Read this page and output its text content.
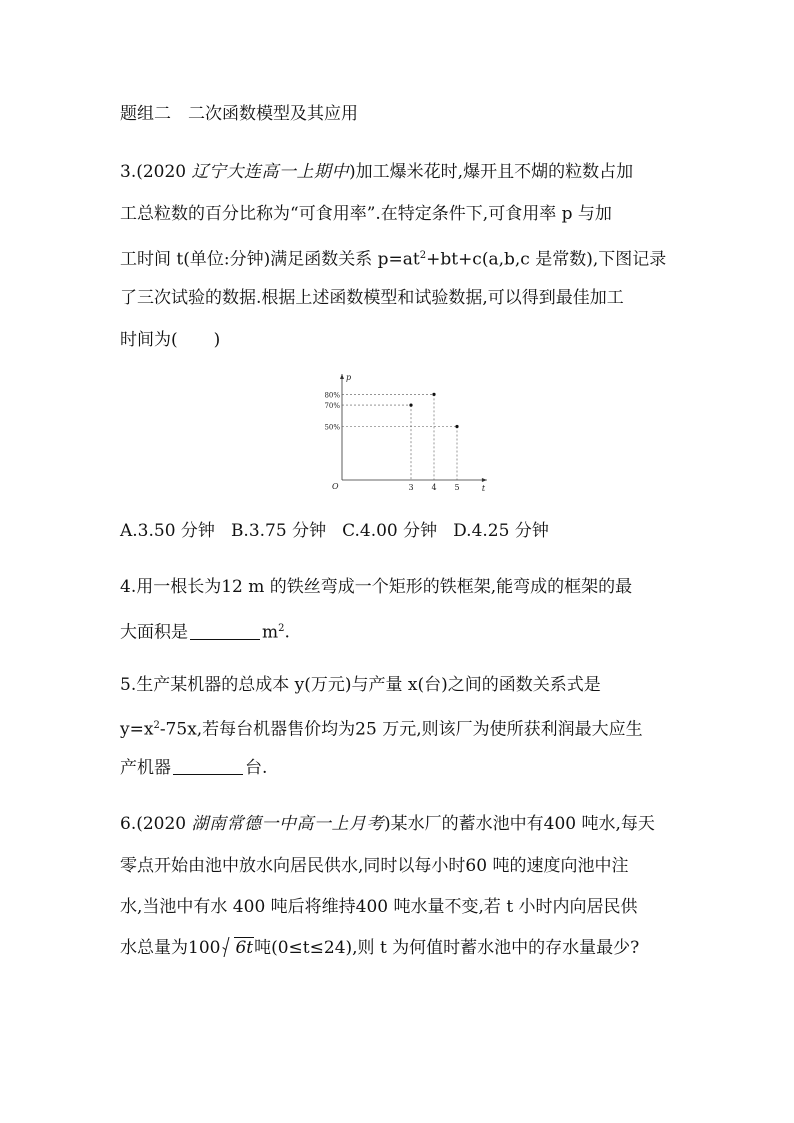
题组二　二次函数模型及其应用
3.(2020 辽宁大连高一上期中)加工爆米花时,爆开且不煳的粒数占加
工总粒数的百分比称为“可食用率”.在特定条件下,可食用率 p 与加
工时间 t(单位:分钟)满足函数关系 $p=at^2+bt+c(a,b,c$ 是常数),下图记录
了三次试验的数据.根据上述函数模型和试验数据,可以得到最佳加工
时间为( )
p
t
O
80%
70%
50%
3 4 5
A.3.50 分钟 B.3.75 分钟 C.4.00 分钟 D.4.25 分钟
4.用一根长为12 m 的铁丝弯成一个矩形的铁框架,能弯成的框架的最
大面积是	$m^2$.
5.生产某机器的总成本 y(万元)与产量 x(台)之间的函数关系式是
$y=x^2-75x$,若每台机器售价均为25 万元,则该厂为使所获利润最大应生
产机器	台.
6.(2020 湖南常德一中高一上月考)某水厂的蓄水池中有400 吨水,每天
零点开始由池中放水向居民供水,同时以每小时60 吨的速度向池中注
水,当池中有水 400 吨后将维持400 吨水量不变,若 t 小时内向居民供
水总量为100 6t吨(0≤t≤24),则 t 为何值时蓄水池中的存水量最少?
